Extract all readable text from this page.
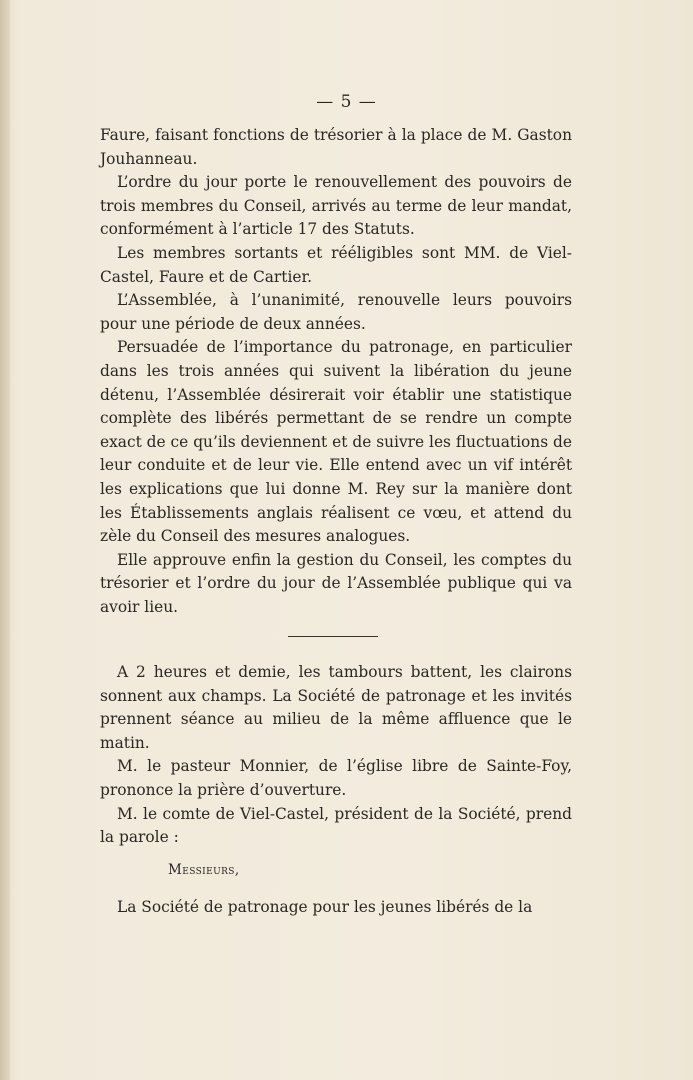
— 5 —

Faure, faisant fonctions de trésorier à la place de M. Gaston Jouhanneau.

L’ordre du jour porte le renouvellement des pouvoirs de trois membres du Conseil, arrivés au terme de leur mandat, conformément à l’article 17 des Statuts.

Les membres sortants et rééligibles sont MM. de Viel-Castel, Faure et de Cartier.

L’Assemblée, à l’unanimité, renouvelle leurs pouvoirs pour une période de deux années.

Persuadée de l’importance du patronage, en particulier dans les trois années qui suivent la libération du jeune détenu, l’Assemblée désirerait voir établir une statistique complète des libérés permettant de se rendre un compte exact de ce qu’ils deviennent et de suivre les fluctuations de leur conduite et de leur vie. Elle entend avec un vif intérêt les explications que lui donne M. Rey sur la manière dont les Établissements anglais réalisent ce vœu, et attend du zèle du Conseil des mesures analogues.

Elle approuve enfin la gestion du Conseil, les comptes du trésorier et l’ordre du jour de l’Assemblée publique qui va avoir lieu.

A 2 heures et demie, les tambours battent, les clairons sonnent aux champs. La Société de patronage et les invités prennent séance au milieu de la même affluence que le matin.

M. le pasteur Monnier, de l’église libre de Sainte-Foy, prononce la prière d’ouverture.

M. le comte de Viel-Castel, président de la Société, prend la parole :

Messieurs,

La Société de patronage pour les jeunes libérés de la
